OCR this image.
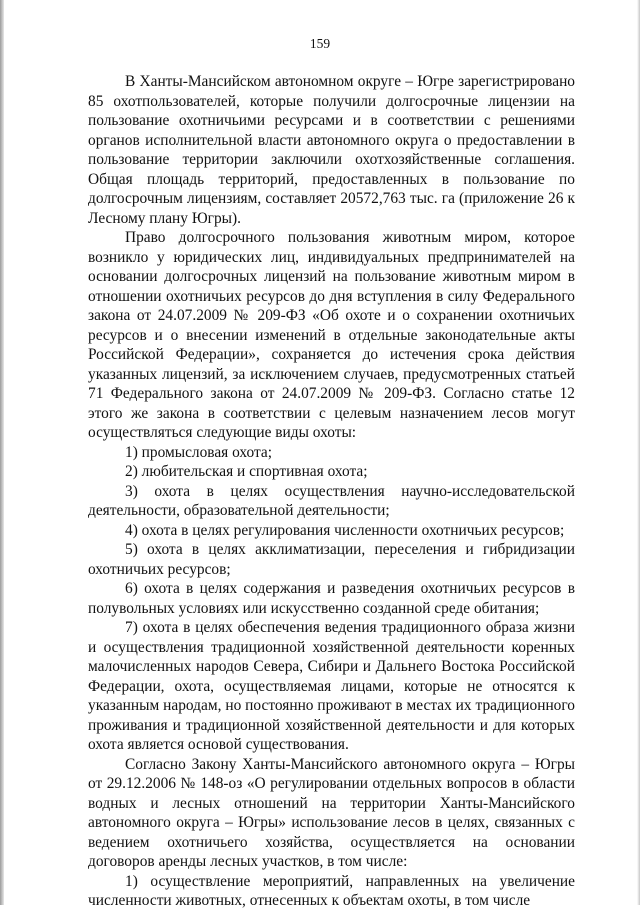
159

В Ханты-Мансийском автономном округе – Югре зарегистрировано 85 охотпользователей, которые получили долгосрочные лицензии на пользование охотничьими ресурсами и в соответствии с решениями органов исполнительной власти автономного округа о предоставлении в пользование территории заключили охотхозяйственные соглашения. Общая площадь территорий, предоставленных в пользование по долгосрочным лицензиям, составляет 20572,763 тыс. га (приложение 26 к Лесному плану Югры).

Право долгосрочного пользования животным миром, которое возникло у юридических лиц, индивидуальных предпринимателей на основании долгосрочных лицензий на пользование животным миром в отношении охотничьих ресурсов до дня вступления в силу Федерального закона от 24.07.2009 № 209-ФЗ «Об охоте и о сохранении охотничьих ресурсов и о внесении изменений в отдельные законодательные акты Российской Федерации», сохраняется до истечения срока действия указанных лицензий, за исключением случаев, предусмотренных статьей 71 Федерального закона от 24.07.2009 № 209-ФЗ. Согласно статье 12 этого же закона в соответствии с целевым назначением лесов могут осуществляться следующие виды охоты:

1) промысловая охота;

2) любительская и спортивная охота;

3) охота в целях осуществления научно-исследовательской деятельности, образовательной деятельности;

4) охота в целях регулирования численности охотничьих ресурсов;

5) охота в целях акклиматизации, переселения и гибридизации охотничьих ресурсов;

6) охота в целях содержания и разведения охотничьих ресурсов в полувольных условиях или искусственно созданной среде обитания;

7) охота в целях обеспечения ведения традиционного образа жизни и осуществления традиционной хозяйственной деятельности коренных малочисленных народов Севера, Сибири и Дальнего Востока Российской Федерации, охота, осуществляемая лицами, которые не относятся к указанным народам, но постоянно проживают в местах их традиционного проживания и традиционной хозяйственной деятельности и для которых охота является основой существования.

Согласно Закону Ханты-Мансийского автономного округа – Югры от 29.12.2006 № 148-оз «О регулировании отдельных вопросов в области водных и лесных отношений на территории Ханты-Мансийского автономного округа – Югры» использование лесов в целях, связанных с ведением охотничьего хозяйства, осуществляется на основании договоров аренды лесных участков, в том числе:

1) осуществление мероприятий, направленных на увеличение численности животных, отнесенных к объектам охоты, в том числе
